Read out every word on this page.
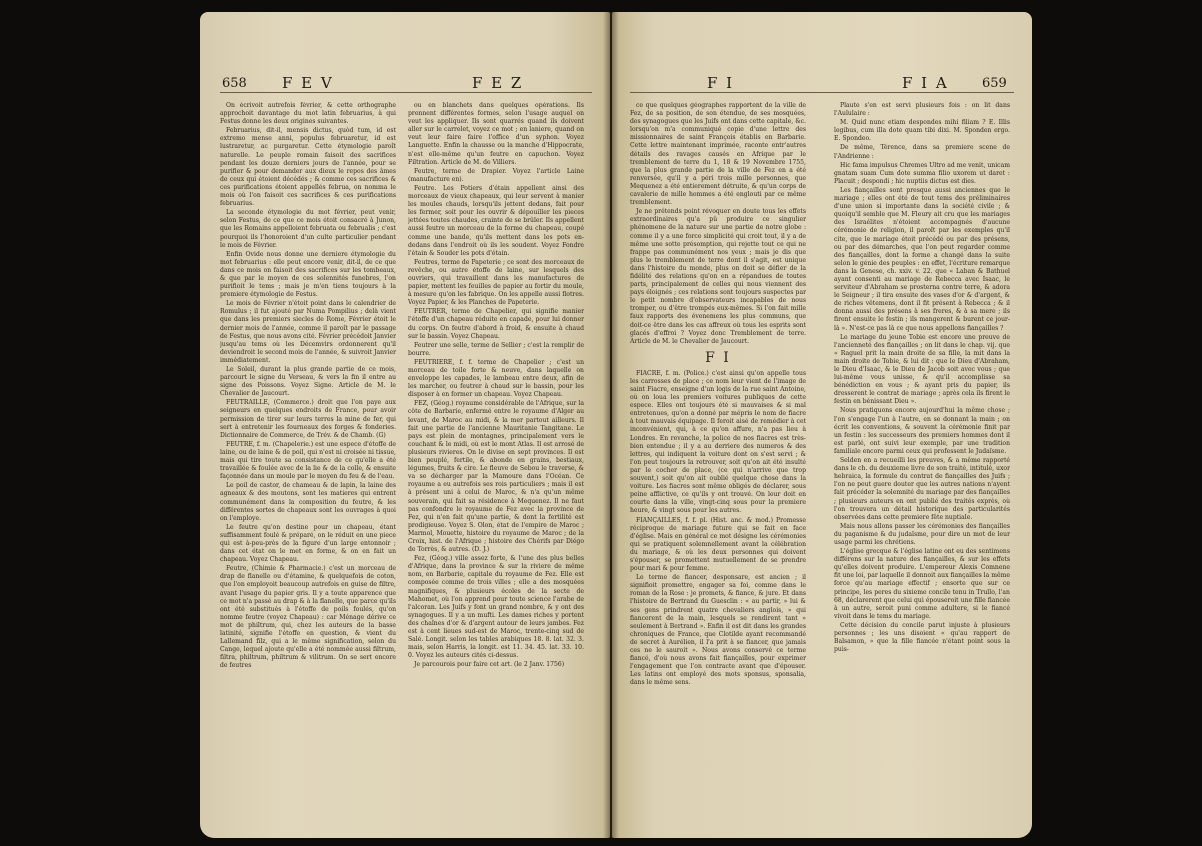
658 F E V	F E Z

On écrivoit autrefois février, & cette orthographe approchoit davantage du mot latin februarius, à qui Festus donne les deux origines suivantes.

Februarius, dit-il, mensis dictus, quòd tum, id est extremo mense anni, populus februaretur, id est lustraretur, ac purgaretur. Cette étymologie paroît naturelle. Le peuple romain faisoit des sacrifices pendant les douze derniers jours de l'année, pour se purifier & pour demander aux dieux le repos des âmes de ceux qui étoient décédés ; & comme ces sacrifices & ces purifications étoient appellés februa, on nomma le mois où l'on faisoit ces sacrifices & ces purifications februarius.

La seconde étymologie du mot février, peut venir, selon Festus, de ce que ce mois étoit consacré à Junon, que les Romains appelloient februata ou februalis ; c'est pourquoi ils l'honoroient d'un culte particulier pendant le mois de Février.

Enfin Ovide nous donne une derniere étymologie du mot februarius : elle peut encore venir, dit-il, de ce que dans ce mois on faisoit des sacrifices sur les tombeaux, & que par le moyen de ces solennités funebres, l'on purifioit le tems ; mais je m'en tiens toujours à la premiere étymologie de Festus.

Le mois de Février n'étoit point dans le calendrier de Romulus ; il fut ajouté par Numa Pompilius ; delà vient que dans les premiers siecles de Rome, Février étoit le dernier mois de l'année, comme il paroît par le passage de Festus, que nous avons cité. Février précédoit Janvier jusqu'au tems où les Décemvirs ordonnerent qu'il deviendroit le second mois de l'année, & suivroit Janvier immédiatement.

Le Soleil, durant la plus grande partie de ce mois, parcourt le signe du Verseau, & vers la fin il entre au signe des Poissons. Voyez Signe. Article de M. le Chevalier de Jaucourt.

FEUTRAILLE, (Commerce.) droit que l'on paye aux seigneurs en quelques endroits de France, pour avoir permission de tirer sur leurs terres la mine de fer, qui sert à entretenir les fourneaux des forges & fonderies. Dictionnaire de Commerce, de Trév. & de Chamb. (G)

FEUTRE, f. m. (Chapelerie.) est une espece d'étoffe de laine, ou de laine & de poil, qui n'est ni croisée ni tissue, mais qui tire toute sa consistance de ce qu'elle a été travaillée & foulée avec de la lie & de la colle, & ensuite façonnée dans un moule par le moyen du feu & de l'eau.

Le poil de castor, de chameau & de lapin, la laine des agneaux & des moutons, sont les matieres qui entrent communément dans la composition du feutre, & les différentes sortes de chapeaux sont les ouvrages à quoi on l'employe.

Le feutre qu'on destine pour un chapeau, étant suffisamment foulé & préparé, on le réduit en une piece qui est à-peu-près de la figure d'un large entonnoir ; dans cet état on le met en forme, & on en fait un chapeau. Voyez Chapeau.

Feutre, (Chimie & Pharmacie.) c'est un morceau de drap de flanelle ou d'étamine, & quelquefois de coton, que l'on employoit beaucoup autrefois en guise de filtre, avant l'usage du papier gris. Il y a toute apparence que ce mot n'a passé au drap & à la flanelle, que parce qu'ils ont été substitués à l'étoffe de poils foulés, qu'on nomme feutre (voyez Chapeau) : car Ménage dérive ce mot de philtrum, qui, chez les auteurs de la basse latinité, signifie l'étoffe en question, & vient du Lallemand filz, qui a le même signification, selon du Cange, lequel ajoute qu'elle a été nommée aussi filtrum, filtra, philtrum, philtrum & vilitrum. On se sert encore de feutres

ou en blanchets dans quelques opérations. Ils prennent différentes formes, selon l'usage auquel on veut les appliquer. Ils sont quarrés quand ils doivent aller sur le carrelet, voyez ce mot ; en laniere, quand on veut leur faire faire l'office d'un syphon. Voyez Languette. Enfin la chausse ou la manche d'Hippocrate, n'est elle-même qu'un feutre en capuchon. Voyez Filtration. Article de M. de Villiers.

Feutre, terme de Drapier. Voyez l'article Laine (manufacture en).

Feutre. Les Potiers d'étain appellent ainsi des morceaux de vieux chapeaux, qui leur servent à manier les moules chauds, lorsqu'ils jettent dedans, fait pour les fermer, soit pour les ouvrir & dépouiller les pieces jettées toutes chaudes, crainte de se brûler. Ils appellent aussi feutre un morceau de la forme du chapeau, coupé comme une bande, qu'ils mettent dans les pots en-dedans dans l'endroit où ils les soudent. Voyez Fondre l'étain & Souder les pots d'étain.

Feutres, terme de Papeterie ; ce sont des morceaux de revêche, ou autre étoffe de laine, sur lesquels des ouvriers, qui travaillent dans les manufactures de papier, mettent les feuilles de papier au fortir du moule, à mesure qu'on les fabrique. On les appelle aussi flotres. Voyez Papier, & les Planches de Papeterie.

FEUTRER, terme de Chapelier, qui signifie manier l'étoffe d'un chapeau réduite en capade, pour lui donner du corps. On feutre d'abord à froid, & ensuite à chaud sur le bassin. Voyez Chapeau.

Feutrer une selle, terme de Sellier ; c'est la remplir de bourre.

FEUTRIERE, f. f. terme de Chapelier ; c'est un morceau de toile forte & neuve, dans laquelle on enveloppe les capades, le lambeau entre deux, afin de les marcher, ou feutrer à chaud sur le bassin, pour les disposer à en former un chapeau. Voyez Chapeau.

FEZ, (Géog.) royaume considérable de l'Afrique, sur la côte de Barbarie, enfermé entre le royaume d'Alger au levant, de Maroc au midi, & la mer partout ailleurs. Il fait une partie de l'ancienne Mauritanie Tangitane. Le pays est plein de montagnes, principalement vers le couchant & le midi, où est le mont Atlas. Il est arrosé de plusieurs rivieres. On le divise en sept provinces. Il est bien peuplé, fertile, & abonde en grains, bestiaux, légumes, fruits & cire. Le fleuve de Sebou le traverse, & va se décharger par la Mamoure dans l'Océan. Ce royaume a eu autrefois ses rois particuliers ; mais il est à présent uni à celui de Maroc, & n'a qu'un même souverain, qui fait sa résidence à Mequenez. Il ne faut pas confondre le royaume de Fez avec la province de Fez, qui n'en fait qu'une partie, & dont la fertilité est prodigieuse. Voyez S. Olon, état de l'empire de Maroc ; Marmol, Mouette, histoire du royaume de Maroc ; de la Croix, hist. de l'Afrique ; histoire des Chérifs par Diégo de Torrès, & autres. (D. J.)

Fez, (Géog.) ville assez forte, & l'une des plus belles d'Afrique, dans la province & sur la riviere de même nom, en Barbarie, capitale du royaume de Fez. Elle est composée comme de trois villes ; elle a des mosquées magnifiques, & plusieurs écoles de la secte de Mahomet, où l'on apprend pour toute science l'arabe de l'alcoran. Les Juifs y font un grand nombre, & y ont des synagogues. Il y a un mufti. Les dames riches y portent des chaînes d'or & d'argent autour de leurs jambes. Fez est à cent lieues sud-est de Maroc, trente-cinq sud de Salé. Longit. selon les tables arabiques 18. 8. lat. 32. 3. mais, selon Harris, la longit. est 11. 34. 45. lat. 33. 10. 0. Voyez les auteurs cités ci-dessus.

Je parcourois pour faire cet art. (le 2 Janv. 1756)

F I	F I A	659

ce que quelques géographes rapportent de la ville de Fez, de sa position, de son étendue, de ses mosquées, des synagogues que les Juifs ont dans cette capitale, &c. lorsqu'on m'a communiqué copie d'une lettre des missionnaires de saint François établis en Barbarie. Cette lettre maintenant imprimée, raconte entr'autres détails des ravages causés en Afrique par le tremblement de terre du 1, 18 & 19 Novembre 1755, que la plus grande partie de la ville de Fez en a été renversée, qu'il y a péri trois mille personnes, que Mequenez a été entierement détruite, & qu'un corps de cavalerie de mille hommes a été englouti par ce même tremblement.

Je ne prétends point révoquer en doute tous les effets extraordinaires qu'a pû produire ce singulier phénomene de la nature sur une partie de notre globe : comme il y a une force simplicité qui croit tout, il y a de même une sotte présomption, qui rejette tout ce qui ne frappe pas communément nos yeux ; mais je dis que plus le tremblement de terre dont il s'agit, est unique dans l'histoire du monde, plus on doit se défier de la fidélité des relations qu'on en a répandues de toutes parts, principalement de celles qui nous viennent des pays éloignés ; ces relations sont toujours suspectes par le petit nombre d'observateurs incapables de nous tromper, ou d'être trompés eux-mêmes. Si l'on fait mille faux rapports des évenemens les plus communs, que doit-ce être dans les cas affreux où tous les esprits sont glacés d'effroi ? Voyez donc Tremblement de terre. Article de M. le Chevalier de Jaucourt.

F I

FIACRE, f. m. (Police.) c'est ainsi qu'on appelle tous les carrosses de place ; ce nom leur vient de l'image de saint Fiacre, enseigne d'un logis de la rue saint Antoine, où on loua les premiers voitures publiques de cette espece. Elles ont toujours été si mauvaises & si mal entretenues, qu'on a donné par mépris le nom de fiacre à tout mauvais équipage. Il feroit aisé de remédier à cet inconvénient, qui, à ce qu'on affure, n'a pas lieu à Londres. En revanche, la police de nos fiacres est très-bien entendue ; il y a au derriere des numeros & des lettres, qui indiquent la voiture dont on s'est servi ; & l'on peut toujours la retrouver, soit qu'on ait été insulté par le cocher de place, (ce qui n'arrive que trop souvent,) soit qu'on ait oublié quelque chose dans la voiture. Les fiacres sont même obligés de déclarer, sous peine afflictive, ce qu'ils y ont trouvé. On leur doit en courte dans la ville, vingt-cinq sous pour la premiere heure, & vingt sous pour les autres.

FIANÇAILLES, f. f. pl. (Hist. anc. & mod.) Promesse réciproque de mariage future qui se fait en face d'église. Mais en général ce mot désigne les cérémonies qui se pratiquent solemnellement avant la célébration du mariage, & où les deux personnes qui doivent s'épouser, se promettent mutuellement de se prendre pour mari & pour femme.

Le terme de fiancer, desponsare, est ancien ; il signifioit promettre, engager sa foi, comme dans le roman de la Rose : je promets, & fiance, & jure. Et dans l'histoire de Bertrand du Guesclin : « au partir, » lui & ses gens prindrent quatre chevaliers anglois, » qui fiancerent de la main, lesquels se rendirent tant » seulement à Bertrand ». Enfin il est dit dans les grandes chroniques de France, que Clotilde ayant recommandé de secret à Aurélien, il l'a prit à se fiancer, que jamais ces ne le sauroit ». Nous avons conservé ce terme fiancé, d'où nous avons fait fiançailles, pour exprimer l'engagement que l'on contracte avant que d'épouser. Les latins ont employé des mots sponsus, sponsalia, dans le même sens.

Plaute s'en est servi plusieurs fois : on lit dans l'Aululaire :

M. Quid nunc etiam despondes mihi filiam ? E. Illis legibus, cum illa dote quam tibi dixi. M. Sponden ergo. E. Spondeo.

De même, Térence, dans sa premiere scene de l'Andrienne :

Hic fama impulsus Chremes Ultro ad me venit, unicam gnatam suam Cum dote summa filio uxorem ut daret : Placuit ; despondi ; hic nuptiis dictus est dies.

Les fiançailles sont presque aussi anciennes que le mariage ; elles ont été de tout tems des préliminaires d'une union si importante dans la société civile ; & quoiqu'il semble que M. Fleury ait cru que les mariages des Israélites n'étoient accompagnés d'aucune cérémonie de religion, il paroît par les exemples qu'il cite, que le mariage étoit précédé ou par des présens, ou par des démarches, que l'on peut regarder comme des fiançailles, dont la forme a changé dans la suite selon le génie des peuples : en effet, l'écriture remarque dans la Genese, ch. xxiv. v. 22. que « Laban & Bathuel ayant consenti au mariage de Rebecca avec Isaac, le serviteur d'Abraham se prosterna contre terre, & adora le Seigneur ; il tira ensuite des vases d'or & d'argent, & de riches vêtemens, dont il fit présent à Rebecca ; & il donna aussi des présens à ses freres, & à sa mere ; ils firent ensuite le festin ; ils mangerent & burent ce jour-là ». N'est-ce pas là ce que nous appellons fiançailles ?

Le mariage du jeune Tobie est encore une preuve de l'ancienneté des fiançailles ; on lit dans le chap. vij. que « Raguel prit la main droite de sa fille, la mit dans la main droite de Tobie, & lui dit : que le Dieu d'Abraham, le Dieu d'Isaac, & le Dieu de Jacob soit avec vous ; que lui-même vous unisse, & qu'il accomplisse sa bénédiction en vous ; & ayant pris du papier, ils dresserent le contrat de mariage ; après cela ils firent le festin en bénissant Dieu ».

Nous pratiquons encore aujourd'hui la même chose ; l'on s'engage l'un à l'autre, en se donnant la main ; on écrit les conventions, & souvent la cérémonie finit par un festin : les successeurs des premiers hommes dont il est parlé, ont suivi leur exemple, par une tradition familiale encore parmi ceux qui professent le Judaïsme.

Selden en a recueilli les preuves, & a même rapporté dans le ch. du deuxieme livre de son traité, intitulé, uxor hebraica, la formule du contrat de fiançailles des Juifs ; l'on ne peut guere douter que les autres nations n'ayent fait précéder la solemnité du mariage par des fiançailles ; plusieurs auteurs en ont publié des traités exprès, où l'on trouvera un détail historique des particularités observées dans cette premiere fête nuptiale.

Mais nous allons passer les cérémonies des fiançailles du paganisme & du judaïsme, pour dire un mot de leur usage parmi les chrétiens.

L'église grecque & l'église latine ont eu des sentimens différens sur la nature des fiançailles, & sur les effets qu'elles doivent produire. L'empereur Alexis Comnene fit une loi, par laquelle il donnoit aux fiançailles la même force qu'au mariage effectif ; ensorte que sur ce principe, les peres du sixieme concile tenu in Trullo, l'an 68, déclarerent que celui qui épouseroit une fille fiancée à un autre, seroit puni comme adultere, si le fiancé vivoit dans le tems du mariage.

Cette décision du concile parut injuste à plusieurs personnes ; les uns disoient « qu'au rapport de Balsamon, » que la fille fiancée n'étant point sous la puis-
